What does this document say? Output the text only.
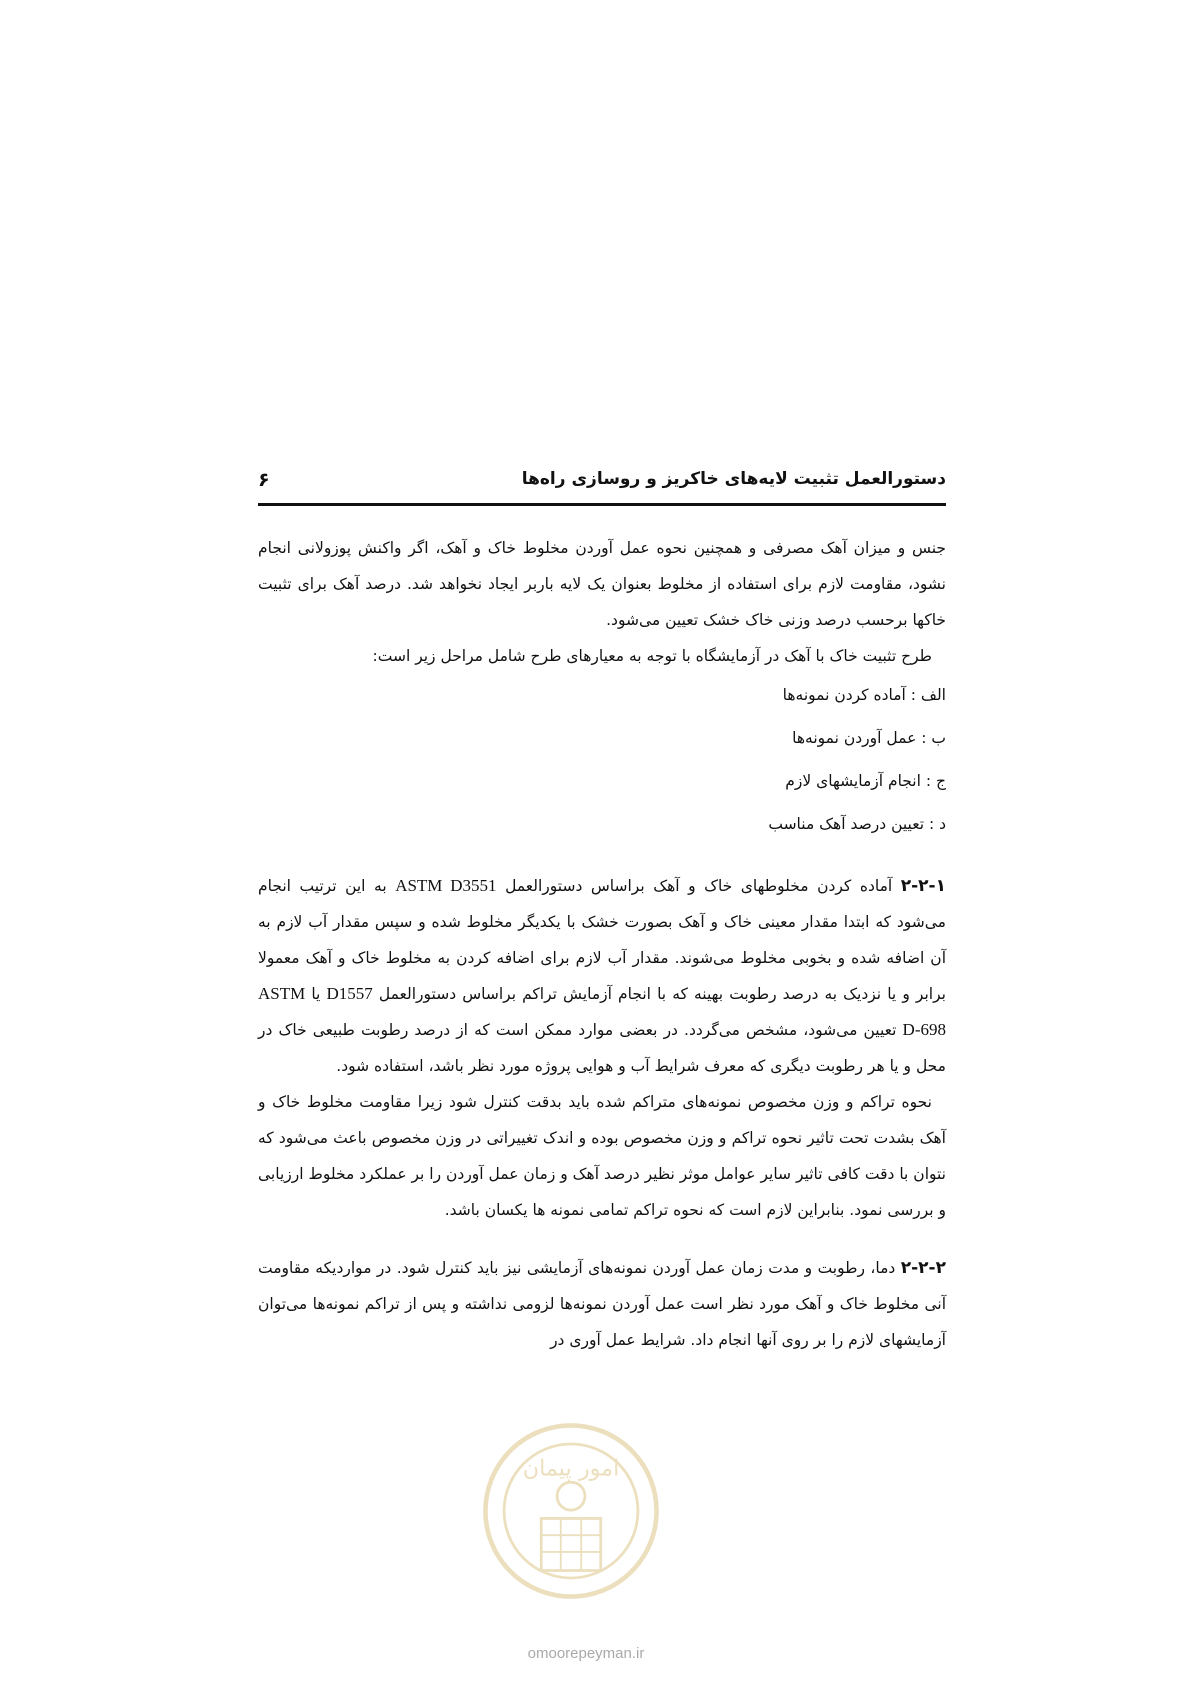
دستورالعمل تثبیت لایه‌های خاکریز و روسازی راه‌ها
۶

جنس و میزان آهک مصرفی و همچنین نحوه عمل آوردن مخلوط خاک و آهک، اگر واکنش پوزولانی انجام نشود، مقاومت لازم برای استفاده از مخلوط بعنوان یک لایه باربر ایجاد نخواهد شد. درصد آهک برای تثبیت خاکها برحسب درصد وزنی خاک خشک تعیین می‌شود.

طرح تثبیت خاک با آهک در آزمایشگاه با توجه به معیارهای طرح شامل مراحل زیر است:

الف : آماده کردن نمونه‌ها

ب : عمل آوردن نمونه‌ها

ج : انجام آزمایشهای لازم

د : تعیین درصد آهک مناسب

۲-۲-۱ آماده کردن مخلوطهای خاک و آهک براساس دستورالعمل ASTM D3551 به این ترتیب انجام می‌شود که ابتدا مقدار معینی خاک و آهک بصورت خشک با یکدیگر مخلوط شده و سپس مقدار آب لازم به آن اضافه شده و بخوبی مخلوط می‌شوند. مقدار آب لازم برای اضافه کردن به مخلوط خاک و آهک معمولا برابر و یا نزدیک به درصد رطوبت بهینه که با انجام آزمایش تراکم براساس دستورالعمل D1557 یا ASTM D-698 تعیین می‌شود، مشخص می‌گردد. در بعضی موارد ممکن است که از درصد رطوبت طبیعی خاک در محل و یا هر رطوبت دیگری که معرف شرایط آب و هوایی پروژه مورد نظر باشد، استفاده شود.

نحوه تراکم و وزن مخصوص نمونه‌های متراکم شده باید بدقت کنترل شود زیرا مقاومت مخلوط خاک و آهک بشدت تحت تاثیر نحوه تراکم و وزن مخصوص بوده و اندک تغییراتی در وزن مخصوص باعث می‌شود که نتوان با دقت کافی تاثیر سایر عوامل موثر نظیر درصد آهک و زمان عمل آوردن را بر عملکرد مخلوط ارزیابی و بررسی نمود. بنابراین لازم است که نحوه تراکم تمامی نمونه ها یکسان باشد.

۲-۲-۲ دما، رطوبت و مدت زمان عمل آوردن نمونه‌های آزمایشی نیز باید کنترل شود. در مواردیکه مقاومت آنی مخلوط خاک و آهک مورد نظر است عمل آوردن نمونه‌ها لزومی نداشته و پس از تراکم نمونه‌ها می‌توان آزمایشهای لازم را بر روی آنها انجام داد. شرایط عمل آوری در

امور پیمان
omoorepeyman.ir
